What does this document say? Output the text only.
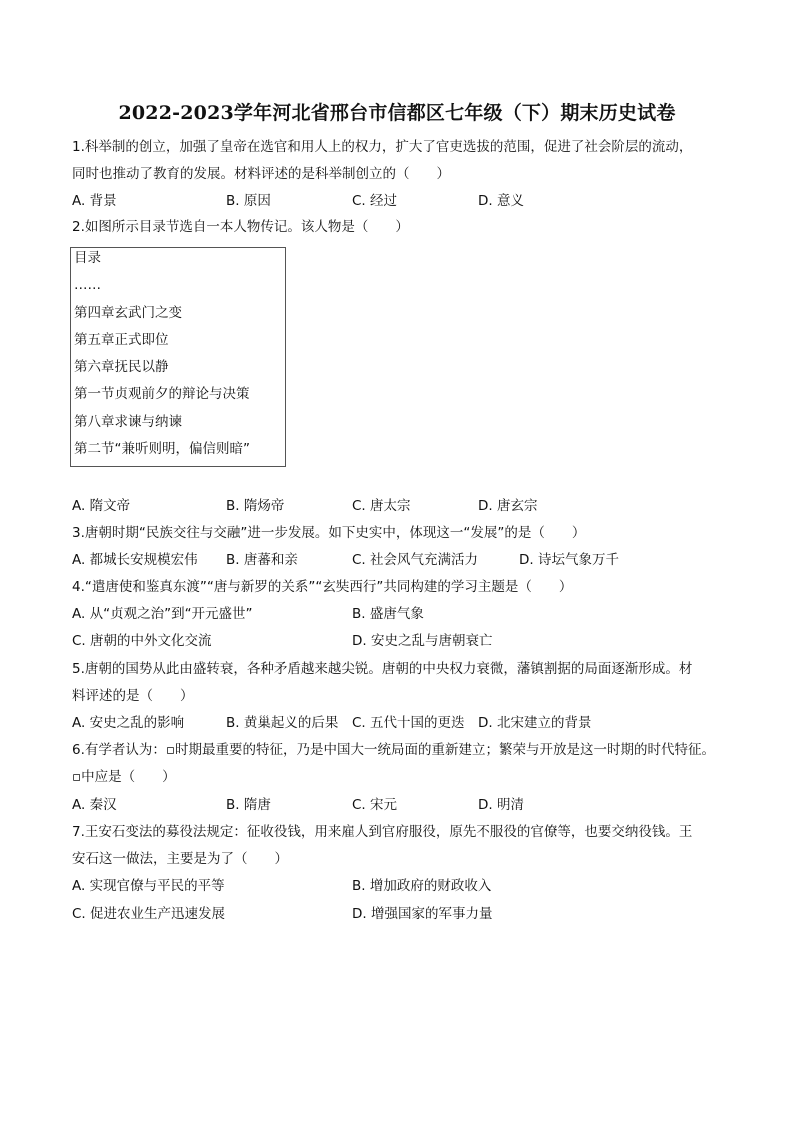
2022-2023学年河北省邢台市信都区七年级（下）期末历史试卷
1.科举制的创立，加强了皇帝在选官和用人上的权力，扩大了官吏选拔的范围，促进了社会阶层的流动，
同时也推动了教育的发展。材料评述的是科举制创立的（　　）
A. 背景	B. 原因	C. 经过	D. 意义
2.如图所示目录节选自一本人物传记。该人物是（　　）
目录
……
第四章玄武门之变
第五章正式即位
第六章抚民以静
第一节贞观前夕的辩论与决策
第八章求谏与纳谏
第二节“兼听则明，偏信则暗”
A. 隋文帝	B. 隋炀帝	C. 唐太宗	D. 唐玄宗
3.唐朝时期“民族交往与交融”进一步发展。如下史实中，体现这一“发展”的是（　　）
A. 都城长安规模宏伟 B. 唐蕃和亲	C. 社会风气充满活力	D. 诗坛气象万千
4.“遣唐使和鉴真东渡”“唐与新罗的关系”“玄奘西行”共同构建的学习主题是（　　）
A. 从“贞观之治”到“开元盛世”	B. 盛唐气象
C. 唐朝的中外文化交流	D. 安史之乱与唐朝衰亡
5.唐朝的国势从此由盛转衰，各种矛盾越来越尖锐。唐朝的中央权力衰微，藩镇割据的局面逐渐形成。材
料评述的是（　　）
A. 安史之乱的影响	B. 黄巢起义的后果 C. 五代十国的更迭 D. 北宋建立的背景
6.有学者认为：▫时期最重要的特征，乃是中国大一统局面的重新建立；繁荣与开放是这一时期的时代特征。
▫中应是（　　）
A. 秦汉	B. 隋唐	C. 宋元	D. 明清
7.王安石变法的募役法规定：征收役钱，用来雇人到官府服役，原先不服役的官僚等，也要交纳役钱。王
安石这一做法，主要是为了（　　）
A. 实现官僚与平民的平等	B. 增加政府的财政收入
C. 促进农业生产迅速发展	D. 增强国家的军事力量
